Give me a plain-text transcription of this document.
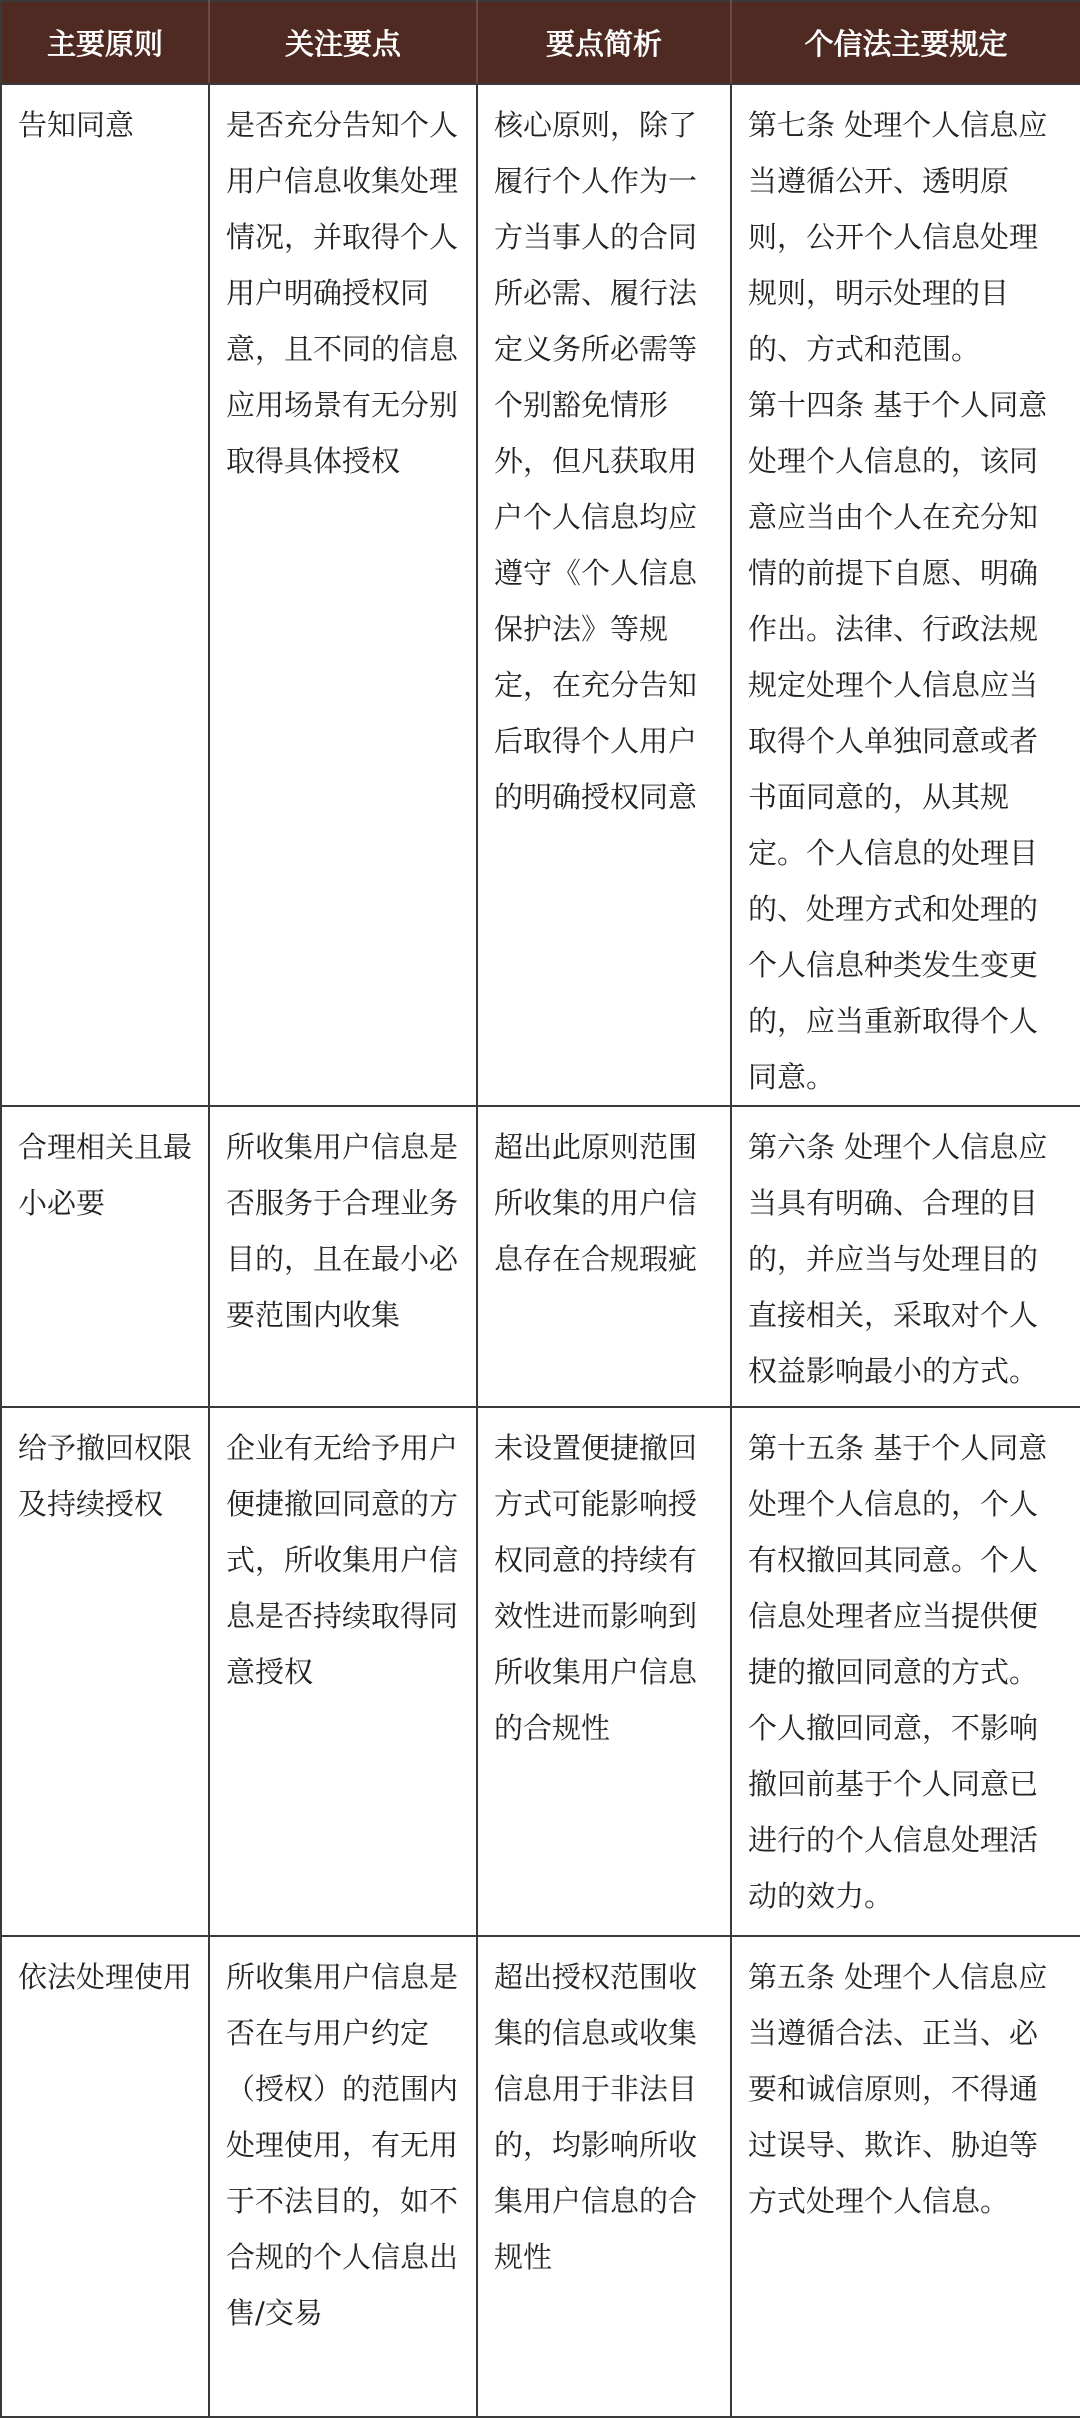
主要原则	关注要点	要点简析	个信法主要规定
告知同意	是否充分告知个人用户信息收集处理情况，并取得个人用户明确授权同意，且不同的信息应用场景有无分别取得具体授权	核心原则，除了履行个人作为一方当事人的合同所必需、履行法定义务所必需等个别豁免情形外，但凡获取用户个人信息均应遵守《个人信息保护法》等规定，在充分告知后取得个人用户的明确授权同意	第七条 处理个人信息应当遵循公开、透明原则，公开个人信息处理规则，明示处理的目的、方式和范围。
第十四条 基于个人同意处理个人信息的，该同意应当由个人在充分知情的前提下自愿、明确作出。法律、行政法规规定处理个人信息应当取得个人单独同意或者书面同意的，从其规定。个人信息的处理目的、处理方式和处理的个人信息种类发生变更的，应当重新取得个人同意。
合理相关且最小必要	所收集用户信息是否服务于合理业务目的，且在最小必要范围内收集	超出此原则范围所收集的用户信息存在合规瑕疵	第六条 处理个人信息应当具有明确、合理的目的，并应当与处理目的直接相关，采取对个人权益影响最小的方式。
给予撤回权限及持续授权	企业有无给予用户便捷撤回同意的方式，所收集用户信息是否持续取得同意授权	未设置便捷撤回方式可能影响授权同意的持续有效性进而影响到所收集用户信息的合规性	第十五条 基于个人同意处理个人信息的，个人有权撤回其同意。个人信息处理者应当提供便捷的撤回同意的方式。个人撤回同意，不影响撤回前基于个人同意已进行的个人信息处理活动的效力。
依法处理使用	所收集用户信息是否在与用户约定（授权）的范围内处理使用，有无用于不法目的，如不合规的个人信息出售/交易	超出授权范围收集的信息或收集信息用于非法目的，均影响所收集用户信息的合规性	第五条 处理个人信息应当遵循合法、正当、必要和诚信原则，不得通过误导、欺诈、胁迫等方式处理个人信息。
